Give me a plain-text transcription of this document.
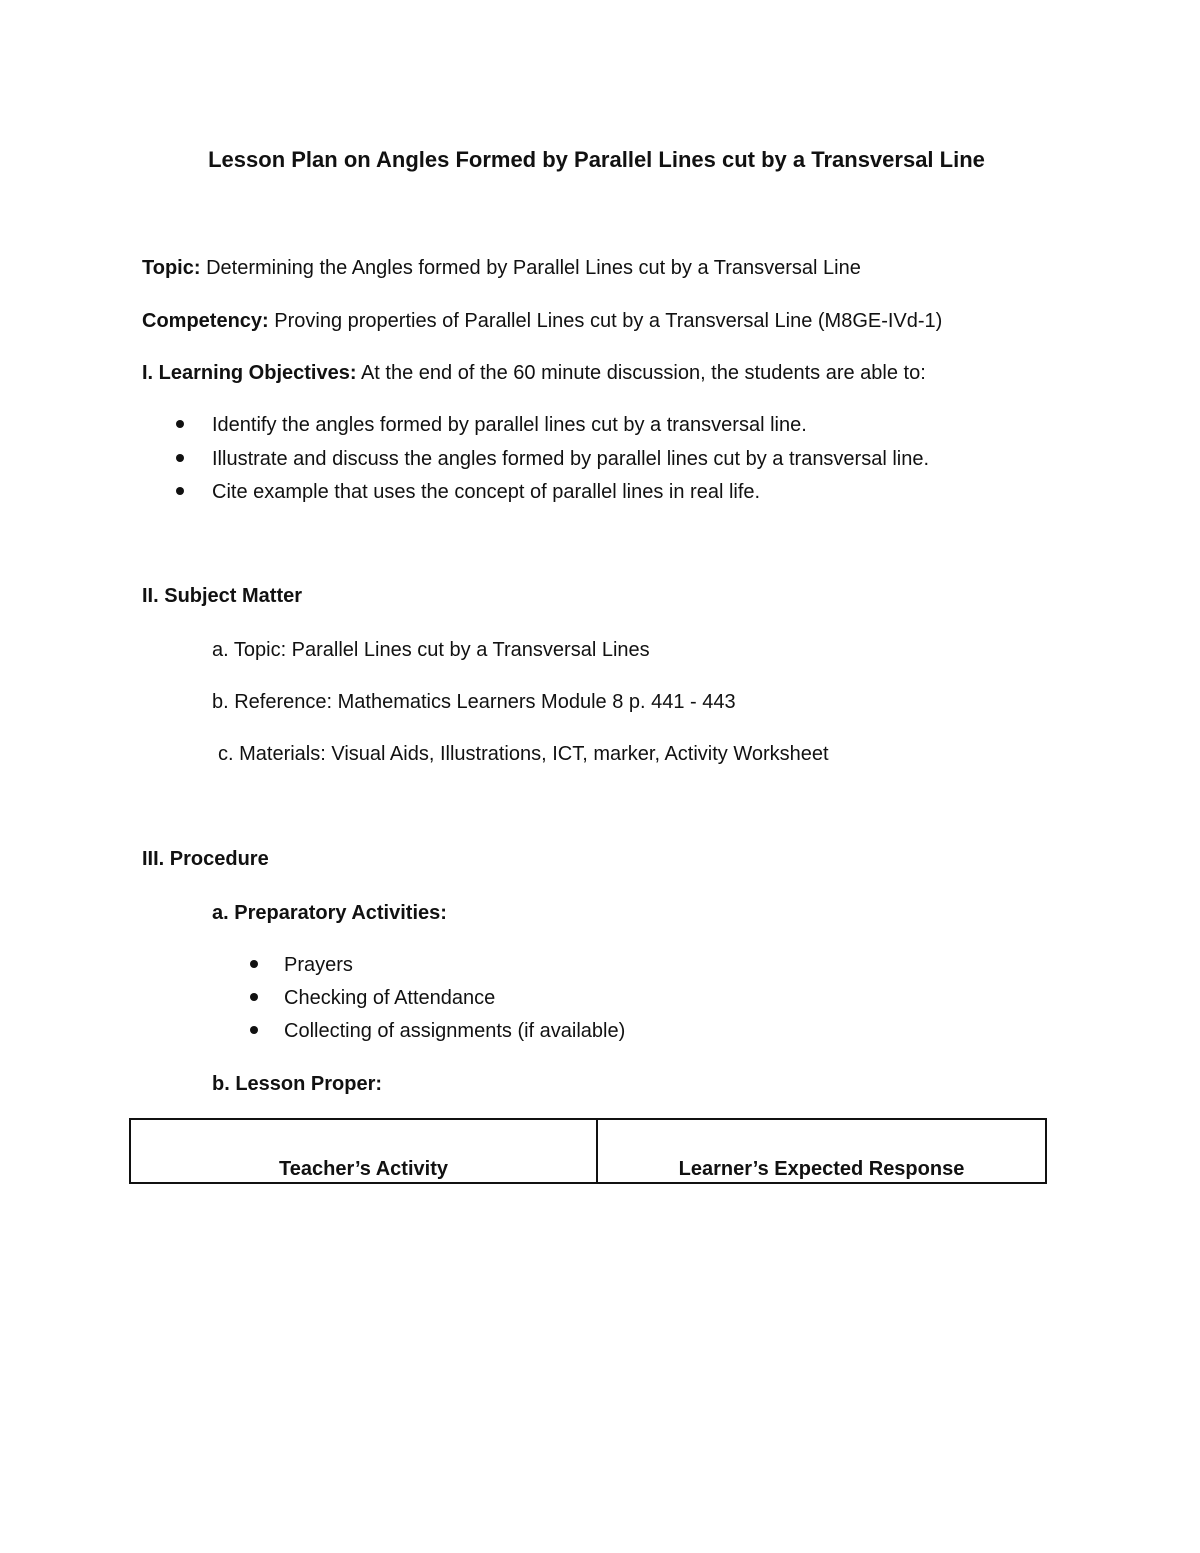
Lesson Plan on Angles Formed by Parallel Lines cut by a Transversal Line
Topic: Determining the Angles formed by Parallel Lines cut by a Transversal Line
Competency: Proving properties of Parallel Lines cut by a Transversal Line (M8GE-IVd-1)
I. Learning Objectives: At the end of the 60 minute discussion, the students are able to:
Identify the angles formed by parallel lines cut by a transversal line.
Illustrate and discuss the angles formed by parallel lines cut by a transversal line.
Cite example that uses the concept of parallel lines in real life.
II. Subject Matter
a. Topic: Parallel Lines cut by a Transversal Lines
b. Reference: Mathematics Learners Module 8 p. 441 - 443
c. Materials: Visual Aids, Illustrations, ICT, marker, Activity Worksheet
III. Procedure
a. Preparatory Activities:
Prayers
Checking of Attendance
Collecting of assignments (if available)
b. Lesson Proper:
Teacher’s Activity	Learner’s Expected Response
